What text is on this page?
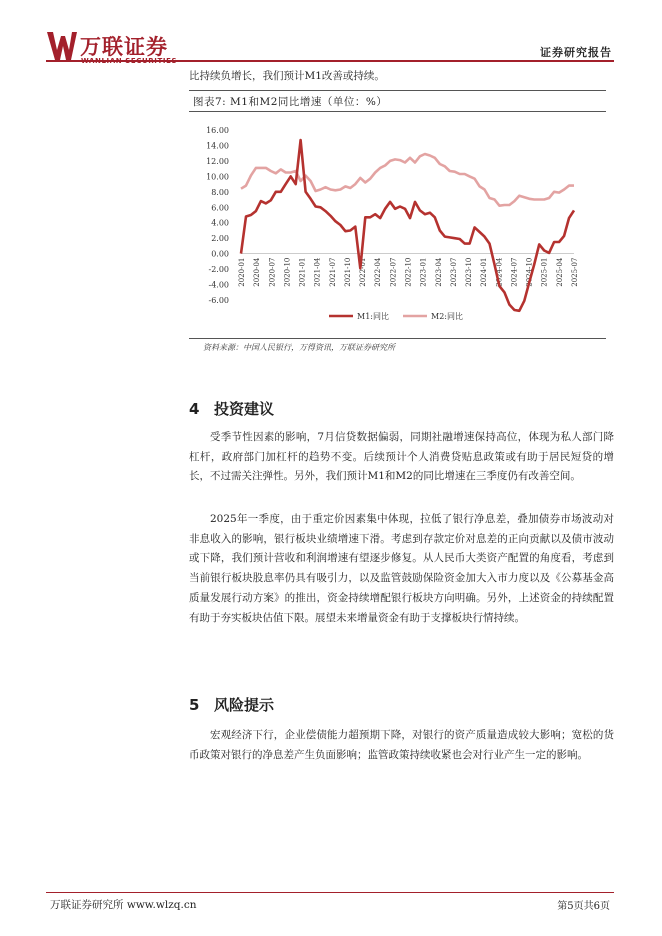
万联证券
WANLIAN SECURITIES
证券研究报告
比持续负增长，我们预计M1改善或持续。
图表7: M1和M2同比增速（单位：%）
16.00
14.00
12.00
10.00
8.00
6.00
4.00
2.00
0.00
-2.00
-4.00
-6.00
2020-01 2020-04 2020-07 2020-10 2021-01 2021-04 2021-07 2021-10 2022-01 2022-04 2022-07 2022-10 2023-01 2023-04 2023-07 2023-10 2024-01 2024-04 2024-07 2024-10 2025-01 2025-04 2025-07
M1:同比	M2:同比
资料来源：中国人民银行，万得资讯，万联证券研究所
4 投资建议
受季节性因素的影响，7月信贷数据偏弱，同期社融增速保持高位，体现为私人部门降杠杆，政府部门加杠杆的趋势不变。后续预计个人消费贷贴息政策或有助于居民短贷的增长，不过需关注弹性。另外，我们预计M1和M2的同比增速在三季度仍有改善空间。
2025年一季度，由于重定价因素集中体现，拉低了银行净息差，叠加债券市场波动对非息收入的影响，银行板块业绩增速下滑。考虑到存款定价对息差的正向贡献以及债市波动或下降，我们预计营收和利润增速有望逐步修复。从人民币大类资产配置的角度看，考虑到当前银行板块股息率仍具有吸引力，以及监管鼓励保险资金加大入市力度以及《公募基金高质量发展行动方案》的推出，资金持续增配银行板块方向明确。另外，上述资金的持续配置有助于夯实板块估值下限。展望未来增量资金有助于支撑板块行情持续。
5 风险提示
宏观经济下行，企业偿债能力超预期下降，对银行的资产质量造成较大影响；宽松的货币政策对银行的净息差产生负面影响；监管政策持续收紧也会对行业产生一定的影响。
万联证券研究所 www.wlzq.cn	第5页共6页
